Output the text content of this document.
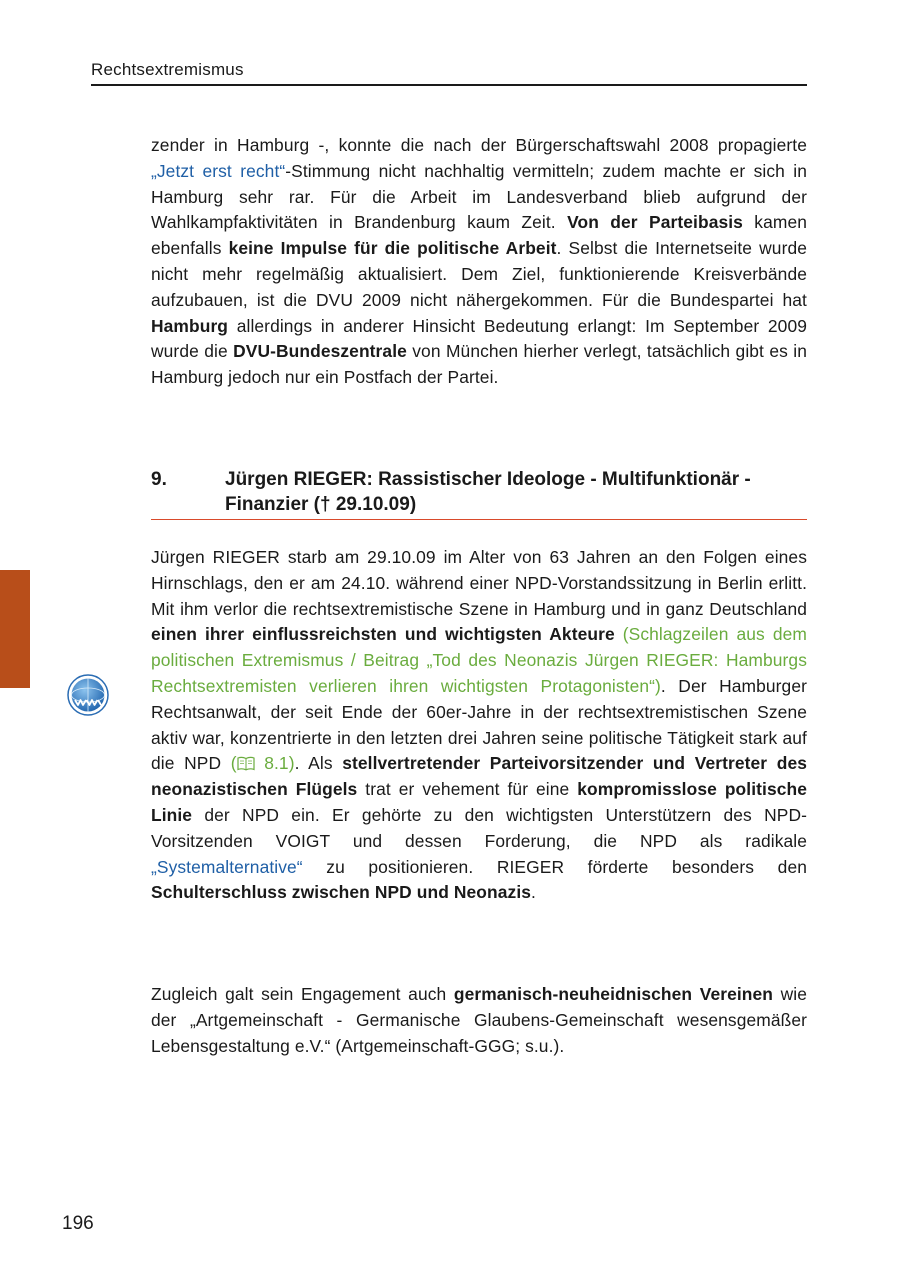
Rechtsextremismus

zender in Hamburg -, konnte die nach der Bürgerschaftswahl 2008 propagierte „Jetzt erst recht“-Stimmung nicht nachhaltig vermitteln; zudem machte er sich in Hamburg sehr rar. Für die Arbeit im Landesverband blieb aufgrund der Wahlkampfaktivitäten in Brandenburg kaum Zeit. Von der Parteibasis kamen ebenfalls keine Impulse für die politische Arbeit. Selbst die Internetseite wurde nicht mehr regelmäßig aktualisiert. Dem Ziel, funktionierende Kreisverbände aufzubauen, ist die DVU 2009 nicht nähergekommen. Für die Bundespartei hat Hamburg allerdings in anderer Hinsicht Bedeutung erlangt: Im September 2009 wurde die DVU-Bundeszentrale von München hierher verlegt, tatsächlich gibt es in Hamburg jedoch nur ein Postfach der Partei.

9.	Jürgen RIEGER: Rassistischer Ideologe - Multifunktionär - Finanzier († 29.10.09)

Jürgen RIEGER starb am 29.10.09 im Alter von 63 Jahren an den Folgen eines Hirnschlags, den er am 24.10. während einer NPD-Vorstandssitzung in Berlin erlitt. Mit ihm verlor die rechtsextremistische Szene in Hamburg und in ganz Deutschland einen ihrer einflussreichsten und wichtigsten Akteure (Schlagzeilen aus dem politischen Extremismus / Beitrag „Tod des Neonazis Jürgen RIEGER: Hamburgs Rechtsextremisten verlieren ihren wichtigsten Protagonisten“). Der Hamburger Rechtsanwalt, der seit Ende der 60er-Jahre in der rechtsextremistischen Szene aktiv war, konzentrierte in den letzten drei Jahren seine politische Tätigkeit stark auf die NPD ( 8.1). Als stellvertretender Parteivorsitzender und Vertreter des neonazistischen Flügels trat er vehement für eine kompromisslose politische Linie der NPD ein. Er gehörte zu den wichtigsten Unterstützern des NPD-Vorsitzenden VOIGT und dessen Forderung, die NPD als radikale „Systemalternative“ zu positionieren. RIEGER förderte besonders den Schulterschluss zwischen NPD und Neonazis.

Zugleich galt sein Engagement auch germanisch-neuheidnischen Vereinen wie der „Artgemeinschaft - Germanische Glaubens-Gemeinschaft wesensgemäßer Lebensgestaltung e.V.“ (Artgemeinschaft-GGG; s.u.).

196
